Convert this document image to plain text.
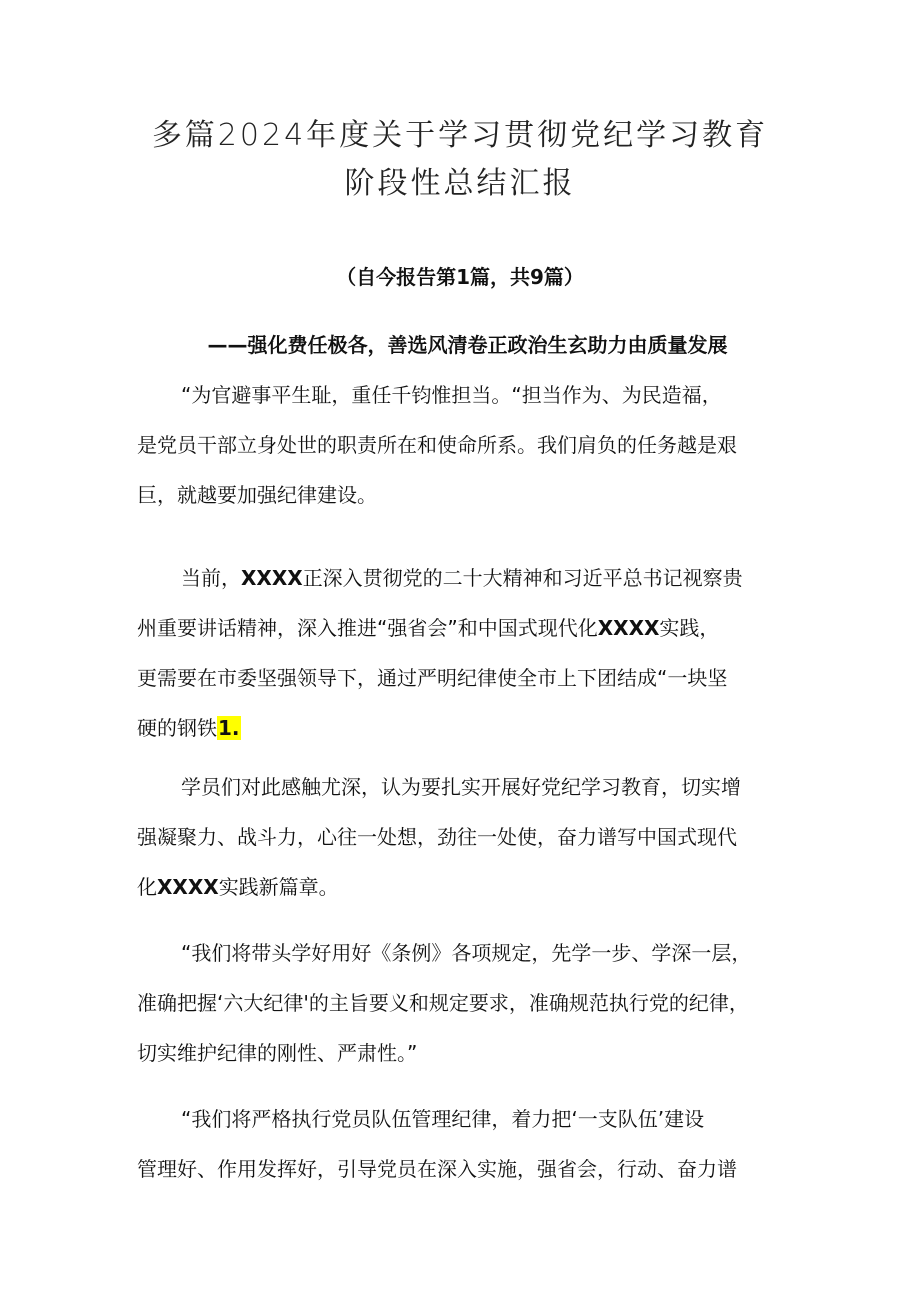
多篇2024年度关于学习贯彻党纪学习教育
阶段性总结汇报
（自今报告第1篇，共9篇）
——强化费任极各，善选风清卷正政治生玄助力由质量发展

“为官避事平生耻，重任千钧惟担当。“担当作为、为民造福，

是党员干部立身处世的职责所在和使命所系。我们肩负的任务越是艰

巨，就越要加强纪律建设。

当前，XXXX正深入贯彻党的二十大精神和习近平总书记视察贵

州重要讲话精神，深入推进“强省会”和中国式现代化XXXX实践，

更需要在市委坚强领导下，通过严明纪律使全市上下团结成“一块坚

硬的钢铁1.

学员们对此感触尤深，认为要扎实开展好党纪学习教育，切实增

强凝聚力、战斗力，心往一处想，劲往一处使，奋力谱写中国式现代

化XXXX实践新篇章。

“我们将带头学好用好《条例》各项规定，先学一步、学深一层，

准确把握‘六大纪律'的主旨要义和规定要求，准确规范执行党的纪律，

切实维护纪律的刚性、严肃性。”

“我们将严格执行党员队伍管理纪律，着力把‘一支队伍’建设

管理好、作用发挥好，引导党员在深入实施，强省会，行动、奋力谱
